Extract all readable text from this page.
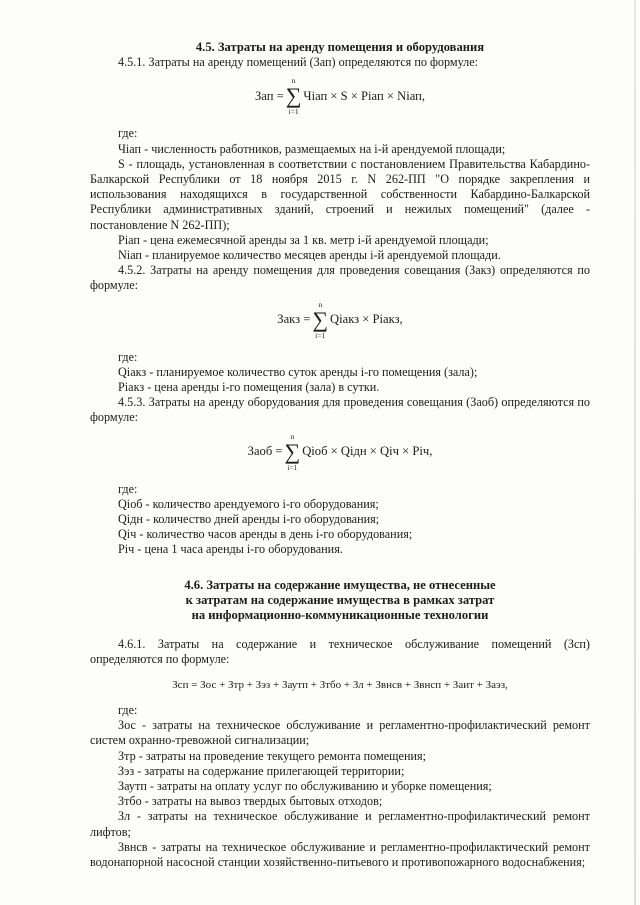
4.5. Затраты на аренду помещения и оборудования

4.5.1. Затраты на аренду помещений (Зап) определяются по формуле:

Зап =
n
∑
i=1
Чiап × S × Рiап × Niап,

где:

Чiап - численность работников, размещаемых на i-й арендуемой площади;

S - площадь, установленная в соответствии с постановлением Правительства Кабардино-Балкарской Республики от 18 ноября 2015 г. N 262-ПП "О порядке закрепления и использования находящихся в государственной собственности Кабардино-Балкарской Республики административных зданий, строений и нежилых помещений" (далее - постановление N 262-ПП);

Рiап - цена ежемесячной аренды за 1 кв. метр i-й арендуемой площади;

Niап - планируемое количество месяцев аренды i-й арендуемой площади.

4.5.2. Затраты на аренду помещения для проведения совещания (Закз) определяются по формуле:

Закз =
n
∑
i=1
Qiакз × Рiакз,

где:

Qiакз - планируемое количество суток аренды i-го помещения (зала);

Рiакз - цена аренды i-го помещения (зала) в сутки.

4.5.3. Затраты на аренду оборудования для проведения совещания (Заоб) определяются по формуле:

Заоб =
n
∑
i=1
Qiоб × Qiдн × Qiч × Рiч,

где:

Qiоб - количество арендуемого i-го оборудования;

Qiдн - количество дней аренды i-го оборудования;

Qiч - количество часов аренды в день i-го оборудования;

Рiч - цена 1 часа аренды i-го оборудования.

4.6. Затраты на содержание имущества, не отнесенные

к затратам на содержание имущества в рамках затрат

на информационно-коммуникационные технологии

4.6.1. Затраты на содержание и техническое обслуживание помещений (Зсп) определяются по формуле:

Зсп = Зос + Зтр + Зэз + Заутп + Зтбо + Зл + Звнсв + Звнсп + Заит + Заэз,

где:

Зос - затраты на техническое обслуживание и регламентно-профилактический ремонт систем охранно-тревожной сигнализации;

Зтр - затраты на проведение текущего ремонта помещения;

Зэз - затраты на содержание прилегающей территории;

Заутп - затраты на оплату услуг по обслуживанию и уборке помещения;

Зтбо - затраты на вывоз твердых бытовых отходов;

Зл - затраты на техническое обслуживание и регламентно-профилактический ремонт лифтов;

Звнсв - затраты на техническое обслуживание и регламентно-профилактический ремонт водонапорной насосной станции хозяйственно-питьевого и противопожарного водоснабжения;
